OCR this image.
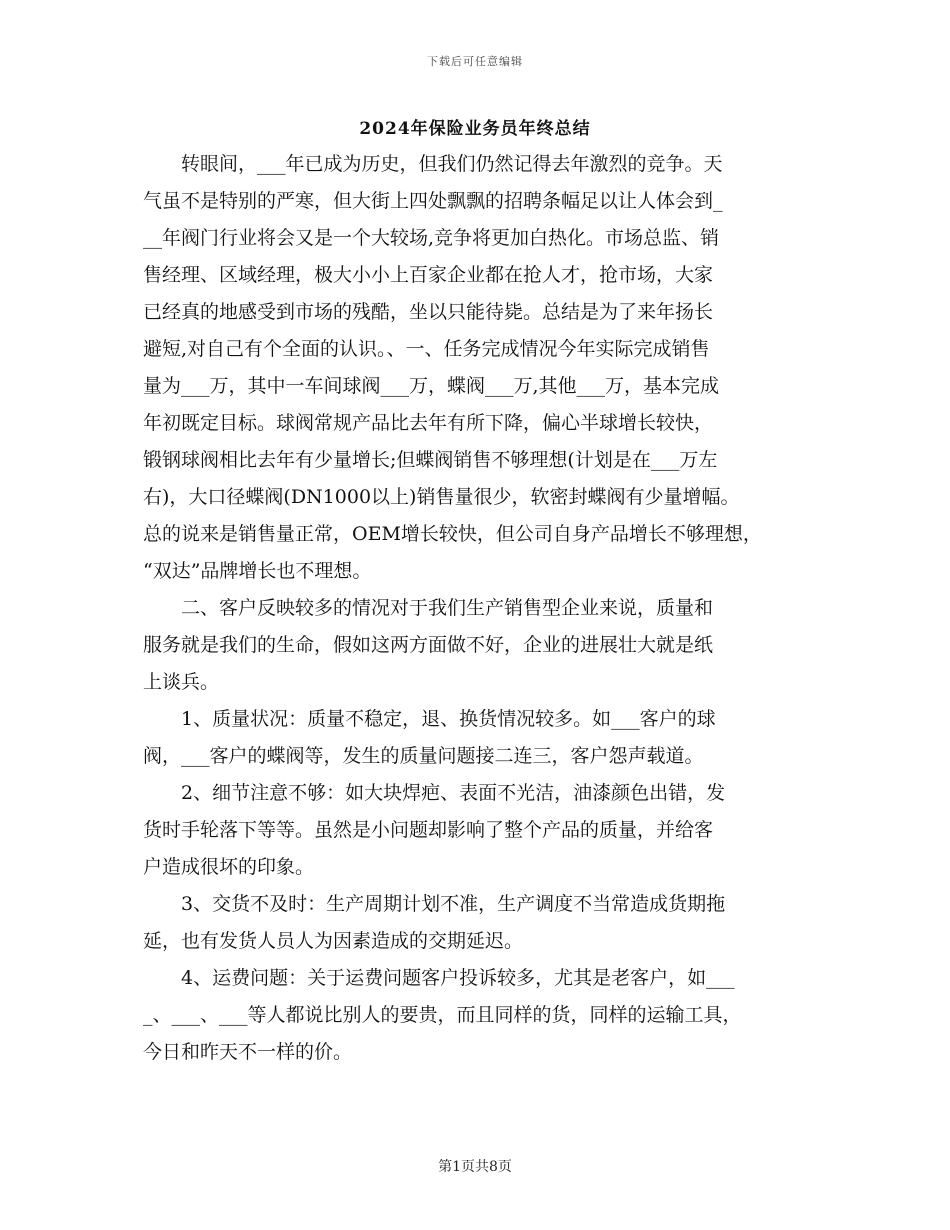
下载后可任意编辑
2024年保险业务员年终总结
　　转眼间，___年已成为历史，但我们仍然记得去年激烈的竞争。天
气虽不是特别的严寒，但大街上四处飘飘的招聘条幅足以让人体会到_
__年阀门行业将会又是一个大较场,竞争将更加白热化。市场总监、销
售经理、区域经理，极大小小上百家企业都在抢人才，抢市场，大家
已经真的地感受到市场的残酷，坐以只能待毙。总结是为了来年扬长
避短,对自己有个全面的认识。、一、任务完成情况今年实际完成销售
量为___万，其中一车间球阀___万，蝶阀___万,其他___万，基本完成
年初既定目标。球阀常规产品比去年有所下降，偏心半球增长较快，
锻钢球阀相比去年有少量增长;但蝶阀销售不够理想(计划是在___万左
右)，大口径蝶阀(DN1000以上)销售量很少，软密封蝶阀有少量增幅。
总的说来是销售量正常，OEM增长较快，但公司自身产品增长不够理想，
“双达”品牌增长也不理想。
　　二、客户反映较多的情况对于我们生产销售型企业来说，质量和
服务就是我们的生命，假如这两方面做不好，企业的进展壮大就是纸
上谈兵。
　　1、质量状况：质量不稳定，退、换货情况较多。如___客户的球
阀，___客户的蝶阀等，发生的质量问题接二连三，客户怨声载道。
　　2、细节注意不够：如大块焊疤、表面不光洁，油漆颜色出错，发
货时手轮落下等等。虽然是小问题却影响了整个产品的质量，并给客
户造成很坏的印象。
　　3、交货不及时：生产周期计划不准，生产调度不当常造成货期拖
延，也有发货人员人为因素造成的交期延迟。
　　4、运费问题：关于运费问题客户投诉较多，尤其是老客户，如___
_、___、___等人都说比别人的要贵，而且同样的货，同样的运输工具，
今日和昨天不一样的价。
第1页共8页
